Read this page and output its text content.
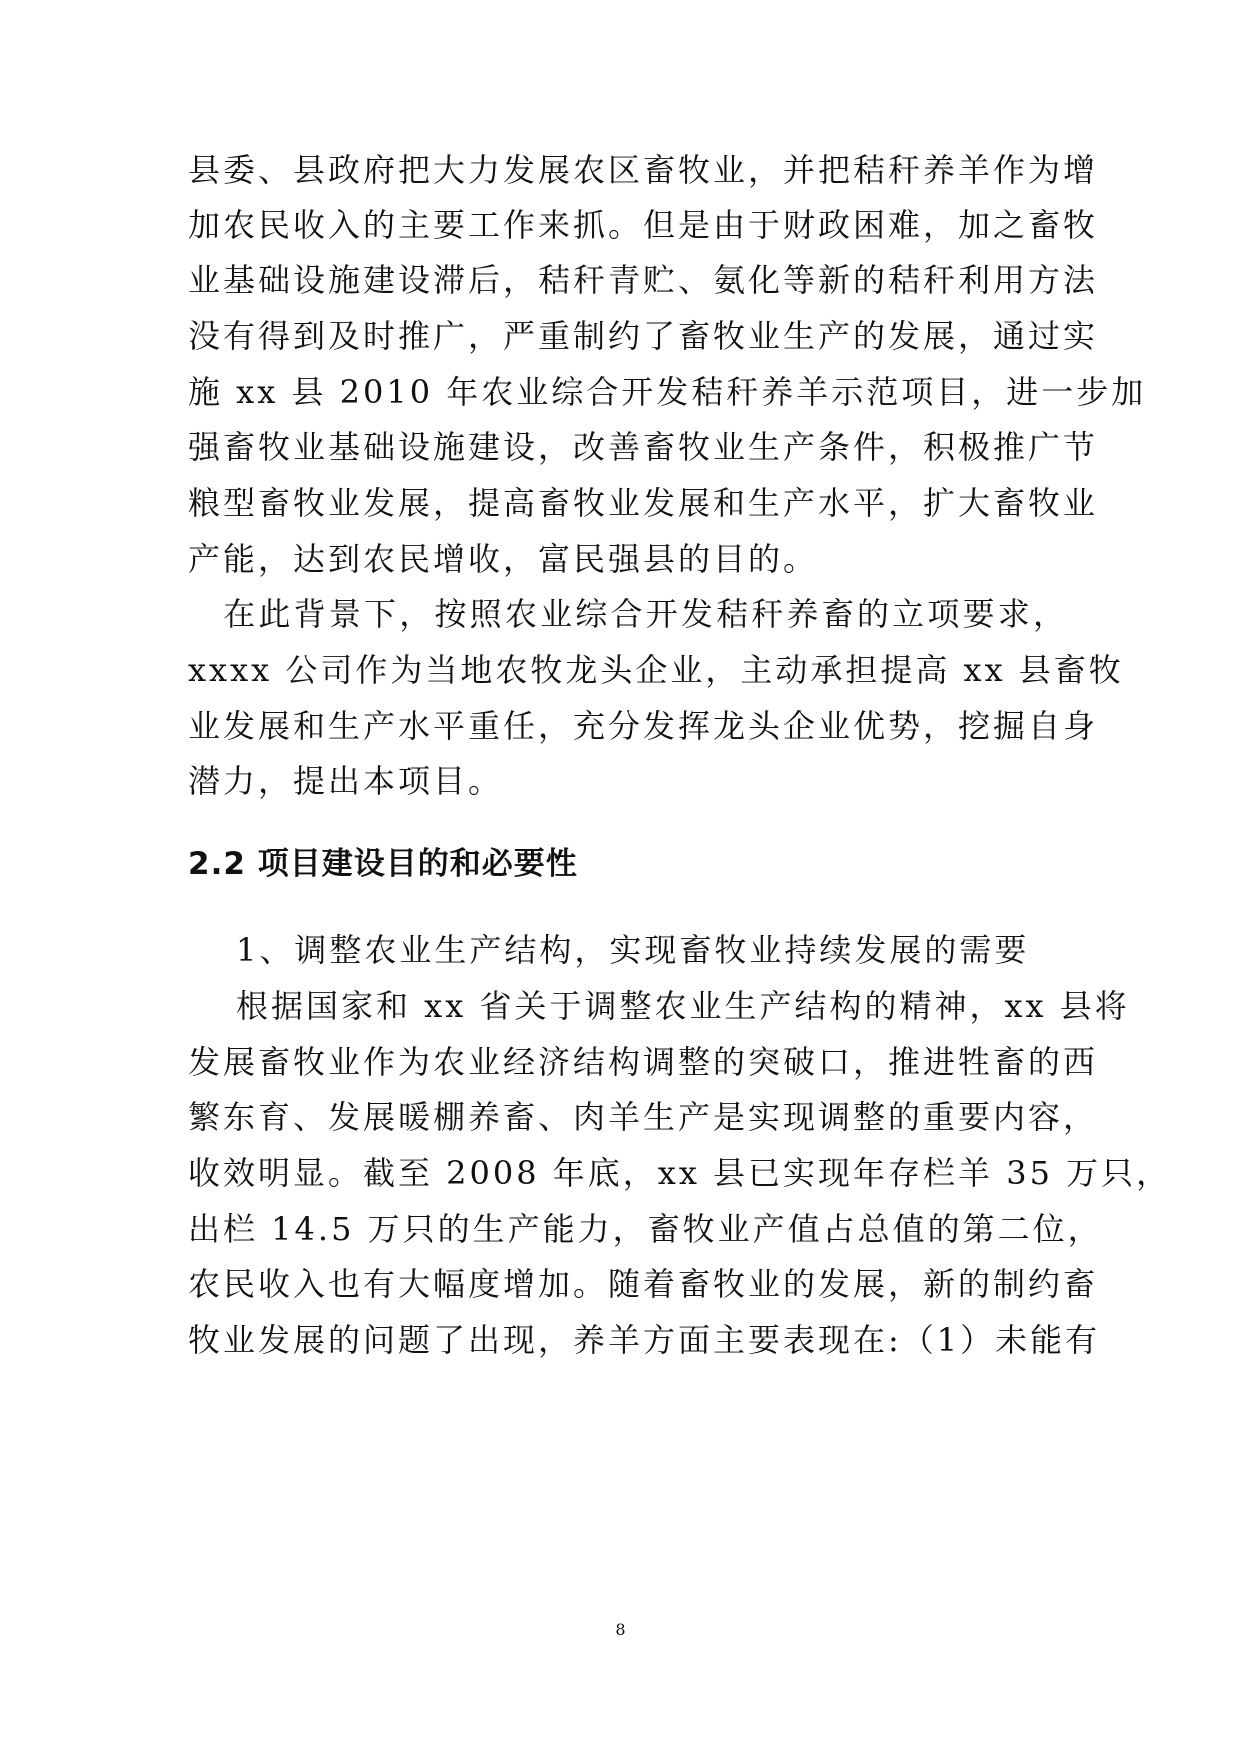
县委、县政府把大力发展农区畜牧业，并把秸秆养羊作为增
加农民收入的主要工作来抓。但是由于财政困难，加之畜牧
业基础设施建设滞后，秸秆青贮、氨化等新的秸秆利用方法
没有得到及时推广，严重制约了畜牧业生产的发展，通过实
施 xx 县 2010 年农业综合开发秸秆养羊示范项目，进一步加
强畜牧业基础设施建设，改善畜牧业生产条件，积极推广节
粮型畜牧业发展，提高畜牧业发展和生产水平，扩大畜牧业
产能，达到农民增收，富民强县的目的。
　在此背景下，按照农业综合开发秸秆养畜的立项要求，
xxxx 公司作为当地农牧龙头企业，主动承担提高 xx 县畜牧
业发展和生产水平重任，充分发挥龙头企业优势，挖掘自身
潜力，提出本项目。
2.2 项目建设目的和必要性
1、调整农业生产结构，实现畜牧业持续发展的需要
根据国家和 xx 省关于调整农业生产结构的精神，xx 县将
发展畜牧业作为农业经济结构调整的突破口，推进牲畜的西
繁东育、发展暖棚养畜、肉羊生产是实现调整的重要内容，
收效明显。截至 2008 年底，xx 县已实现年存栏羊 35 万只，
出栏 14.5 万只的生产能力，畜牧业产值占总值的第二位，
农民收入也有大幅度增加。随着畜牧业的发展，新的制约畜
牧业发展的问题了出现，养羊方面主要表现在:（1）未能有
8
